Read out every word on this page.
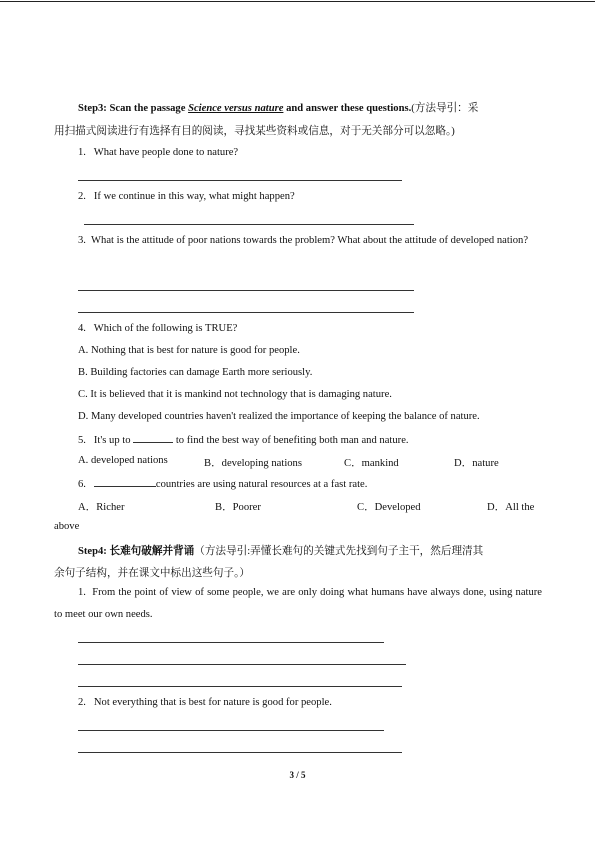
Step3: Scan the passage Science versus nature and answer these questions.(方法导引：采
用扫描式阅读进行有选择有目的阅读，寻找某些资料或信息，对于无关部分可以忽略。)
1.   What have people done to nature?
2.   If we continue in this way, what might happen?
3.  What is the attitude of poor nations towards the problem? What about the attitude of developed nation?
4.   Which of the following is TRUE?
A. Nothing that is best for nature is good for people.
B. Building factories can damage Earth more seriously.
C. It is believed that it is mankind not technology that is damaging nature.
D. Many developed countries haven't realized the importance of keeping the balance of nature.
5.   It's up to	to find the best way of benefiting both man and nature.
A. developed nations	B．developing nations	C．mankind	D．nature
6.	countries are using natural resources at a fast rate.
A．Richer	B．Poorer	C．Developed	D．All the
above
Step4: 长难句破解并背诵（方法导引:弄懂长难句的关键式先找到句子主干，然后理清其
余句子结构，并在课文中标出这些句子。）
1.  From the point of view of some people, we are only doing what humans have always done, using nature to meet our own needs.
2.   Not everything that is best for nature is good for people.
3 / 5
